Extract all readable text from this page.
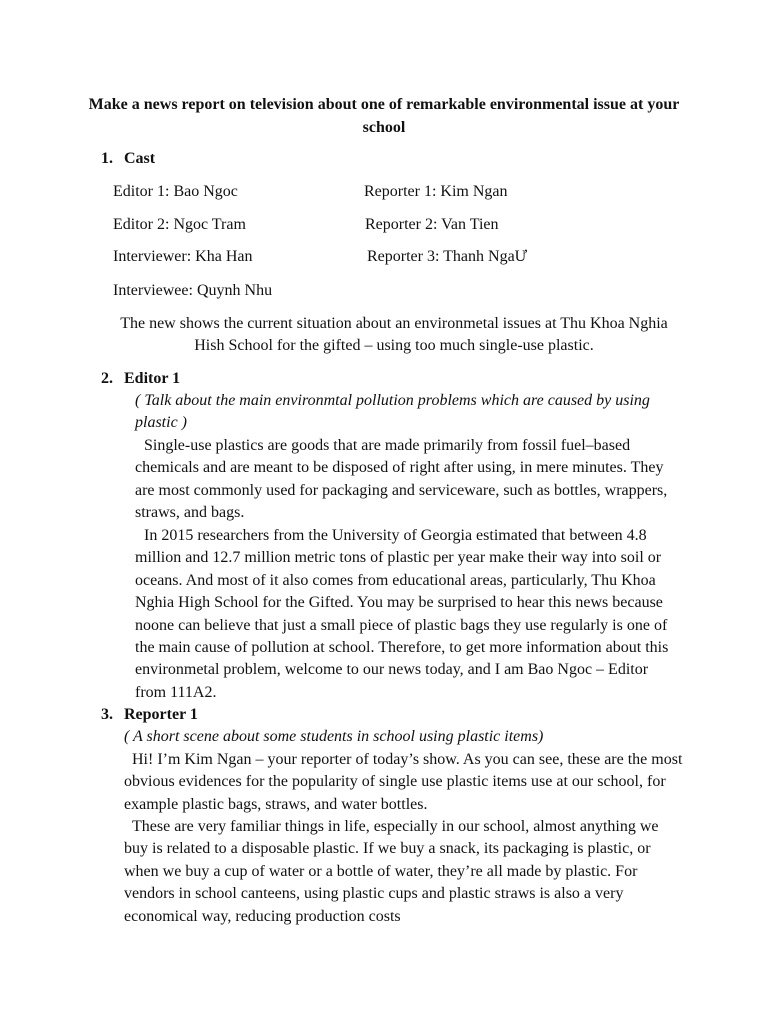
Make a news report on television about one of remarkable environmental issue at your school
1. Cast
Editor 1: Bao Ngoc
Editor 2: Ngoc Tram
Interviewer: Kha Han
Interviewee: Quynh Nhu
Reporter 1: Kim Ngan
Reporter 2: Van Tien
Reporter 3: Thanh NgaƯ
The new shows the current situation about an environmetal issues at Thu Khoa Nghia Hish School for the gifted – using too much single-use plastic.
2. Editor 1
( Talk about the main environmtal pollution problems which are caused by using plastic )
Single-use plastics are goods that are made primarily from fossil fuel–based chemicals and are meant to be disposed of right after using, in mere minutes. They are most commonly used for packaging and serviceware, such as bottles, wrappers, straws, and bags.
In 2015 researchers from the University of Georgia estimated that between 4.8 million and 12.7 million metric tons of plastic per year make their way into soil or oceans. And most of it also comes from educational areas, particularly, Thu Khoa Nghia High School for the Gifted. You may be surprised to hear this news because noone can believe that just a small piece of plastic bags they use regularly is one of the main cause of pollution at school. Therefore, to get more information about this environmetal problem, welcome to our news today, and I am Bao Ngoc – Editor from 111A2.
3. Reporter 1
( A short scene about some students in school using plastic items)
Hi! I’m Kim Ngan – your reporter of today’s show. As you can see, these are the most obvious evidences for the popularity of single use plastic items use at our school, for example plastic bags, straws, and water bottles.
These are very familiar things in life, especially in our school, almost anything we buy is related to a disposable plastic. If we buy a snack, its packaging is plastic, or when we buy a cup of water or a bottle of water, they’re all made by plastic. For vendors in school canteens, using plastic cups and plastic straws is also a very economical way, reducing production costs
